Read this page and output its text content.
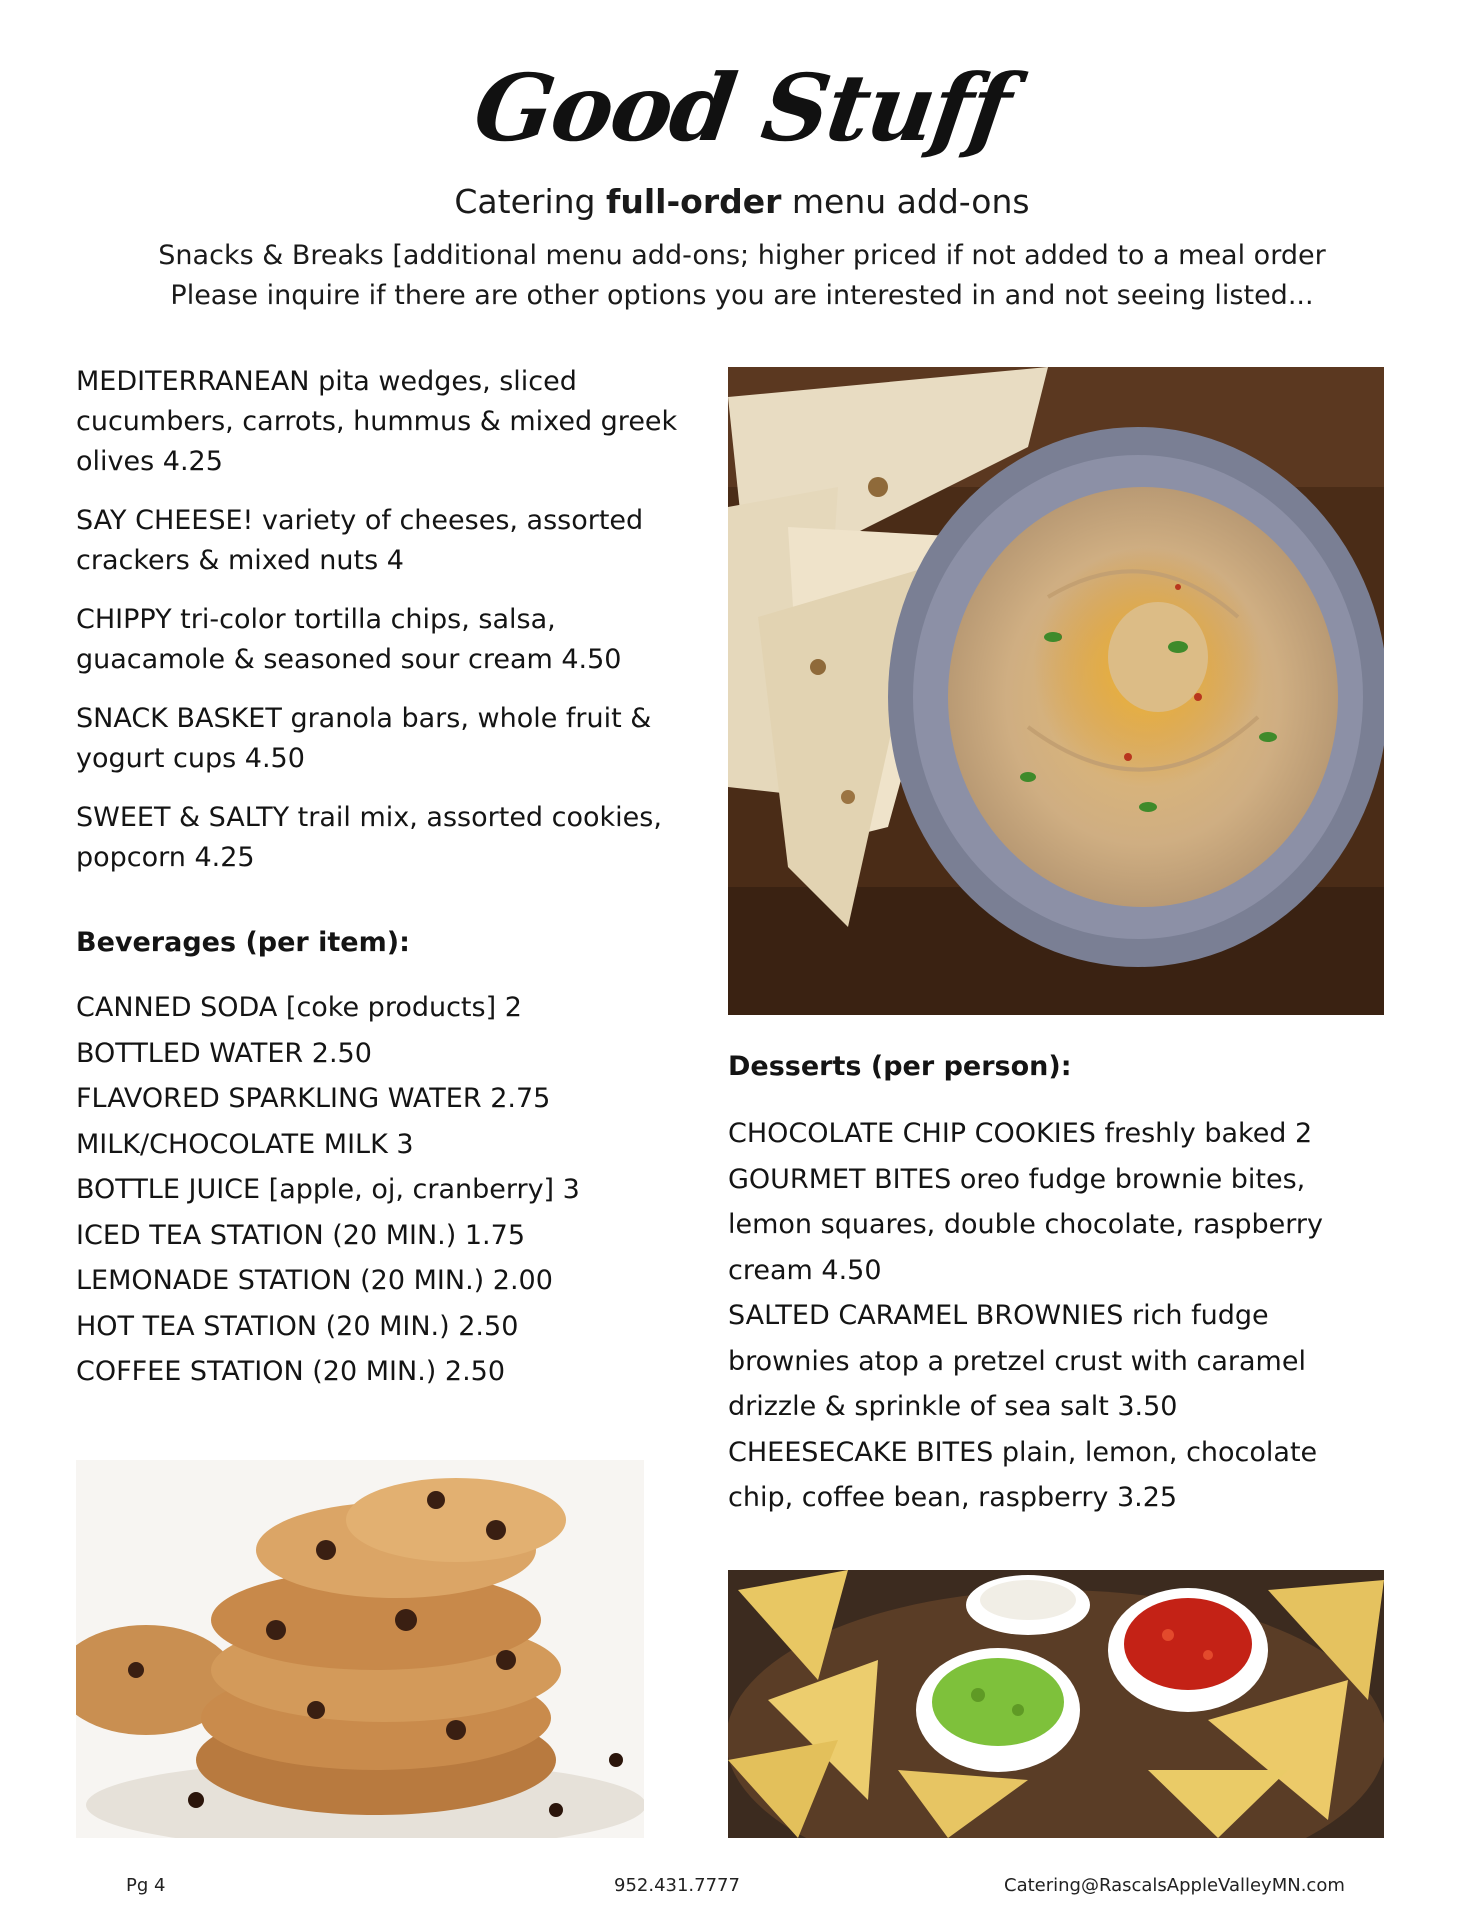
Good Stuff
Catering full-order menu add-ons
Snacks & Breaks [additional menu add-ons; higher priced if not added to a meal order
Please inquire if there are other options you are interested in and not seeing listed...
MEDITERRANEAN pita wedges, sliced cucumbers, carrots, hummus & mixed greek olives 4.25
SAY CHEESE! variety of cheeses, assorted crackers & mixed nuts 4
CHIPPY tri-color tortilla chips, salsa, guacamole & seasoned sour cream 4.50
SNACK BASKET granola bars, whole fruit & yogurt cups 4.50
SWEET & SALTY trail mix, assorted cookies, popcorn 4.25
Beverages (per item):
CANNED SODA [coke products] 2
BOTTLED WATER 2.50
FLAVORED SPARKLING WATER 2.75
MILK/CHOCOLATE MILK 3
BOTTLE JUICE [apple, oj, cranberry] 3
ICED TEA STATION (20 MIN.) 1.75
LEMONADE STATION (20 MIN.) 2.00
HOT TEA STATION (20 MIN.) 2.50
COFFEE STATION (20 MIN.) 2.50
Desserts (per person):
CHOCOLATE CHIP COOKIES freshly baked 2
GOURMET BITES oreo fudge brownie bites, lemon squares, double chocolate, raspberry cream 4.50
SALTED CARAMEL BROWNIES rich fudge brownies atop a pretzel crust with caramel drizzle & sprinkle of sea salt 3.50
CHEESECAKE BITES plain, lemon, chocolate chip, coffee bean, raspberry 3.25
Pg 4	952.431.7777	Catering@RascalsAppleValleyMN.com
